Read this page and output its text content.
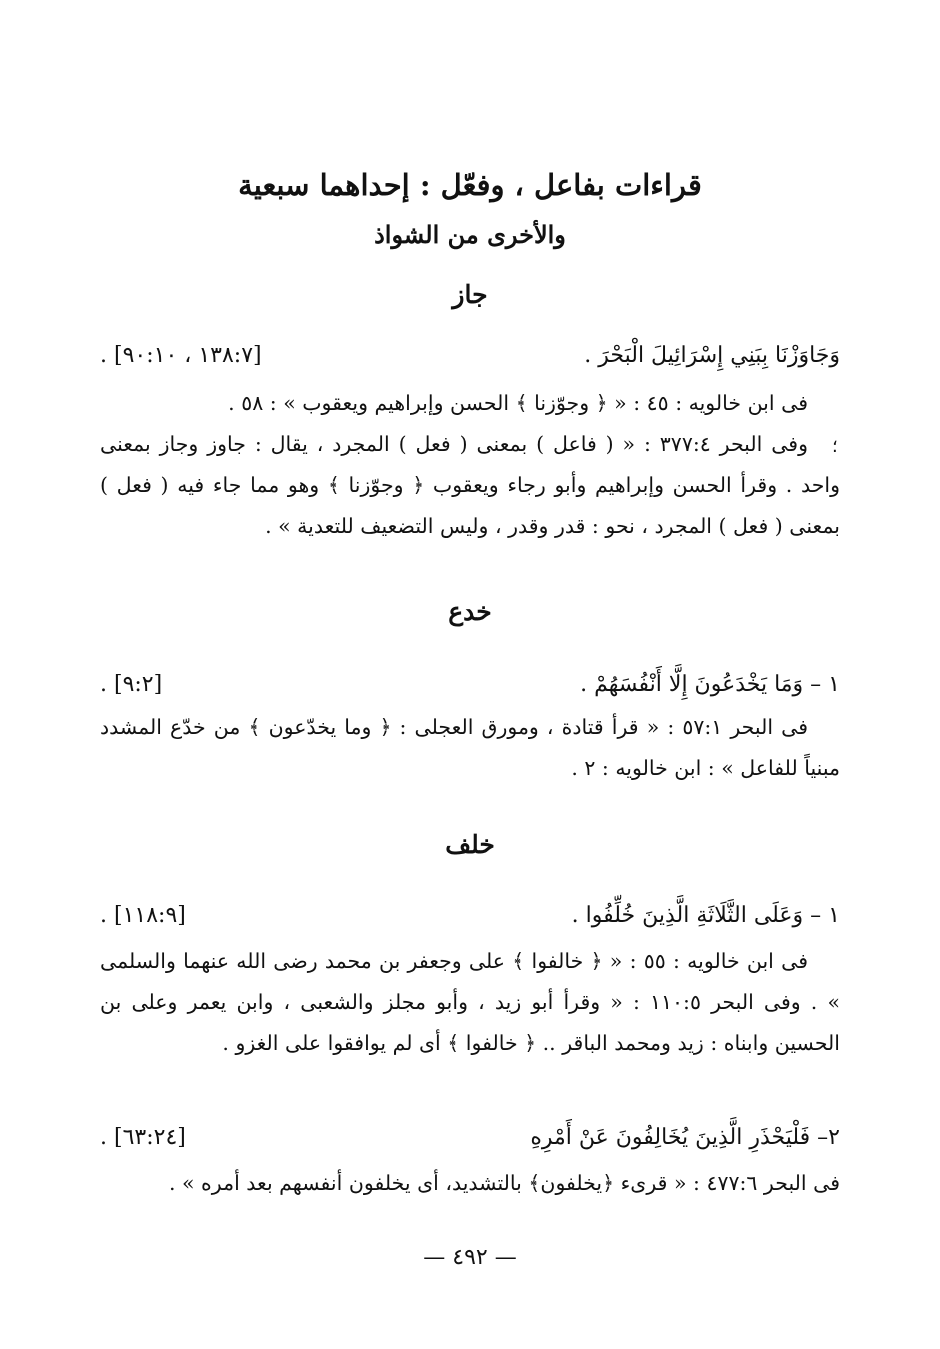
قراءات بفاعل ، وفعّل : إحداهما سبعية
والأخرى من الشواذ
جاز
وَجَاوَزْنَا بِبَنِي إِسْرَائِيلَ الْبَحْرَ .
. [١٣٨:٧ ، ٩٠:١٠]

فى ابن خالويه : ٤٥ : « ﴿ وجوّزنا ﴾ الحسن وإبراهيم ويعقوب » : ٥٨ .

؛

وفى البحر ٣٧٧:٤ : « ( فاعل ) بمعنى ( فعل ) المجرد ، يقال : جاوز وجاز بمعنى واحد . وقرأ الحسن وإبراهيم وأبو رجاء ويعقوب ﴿ وجوّزنا ﴾ وهو مما جاء فيه ( فعل ) بمعنى ( فعل ) المجرد ، نحو : قدر وقدر ، وليس التضعيف للتعدية » .

خدع
١ – وَمَا يَخْدَعُونَ إِلَّا أَنْفُسَهُمْ .
. [٩:٢]

فى البحر ٥٧:١ : « قرأ قتادة ، ومورق العجلى : ﴿ وما يخدّعون ﴾ من خدّع المشدد مبنياً للفاعل » : ابن خالويه : ٢ .

خلف
١ – وَعَلَى الثَّلَاثَةِ الَّذِينَ خُلِّفُوا .
. [١١٨:٩]

فى ابن خالويه : ٥٥ : « ﴿ خالفوا ﴾ على وجعفر بن محمد رضى الله عنهما والسلمى » . وفى البحر ١١٠:٥ : « وقرأ أبو زيد ، وأبو مجلز والشعبى ، وابن يعمر وعلى بن الحسين وابناه : زيد ومحمد الباقر .. ﴿ خالفوا ﴾ أى لم يوافقوا على الغزو .

٢– فَلْيَحْذَرِ الَّذِينَ يُخَالِفُونَ عَنْ أَمْرِهِ
. [٦٣:٢٤]

فى البحر ٤٧٧:٦ : « قرىء ﴿يخلفون﴾ بالتشديد، أى يخلفون أنفسهم بعد أمره » .

— ٤٩٢ —
